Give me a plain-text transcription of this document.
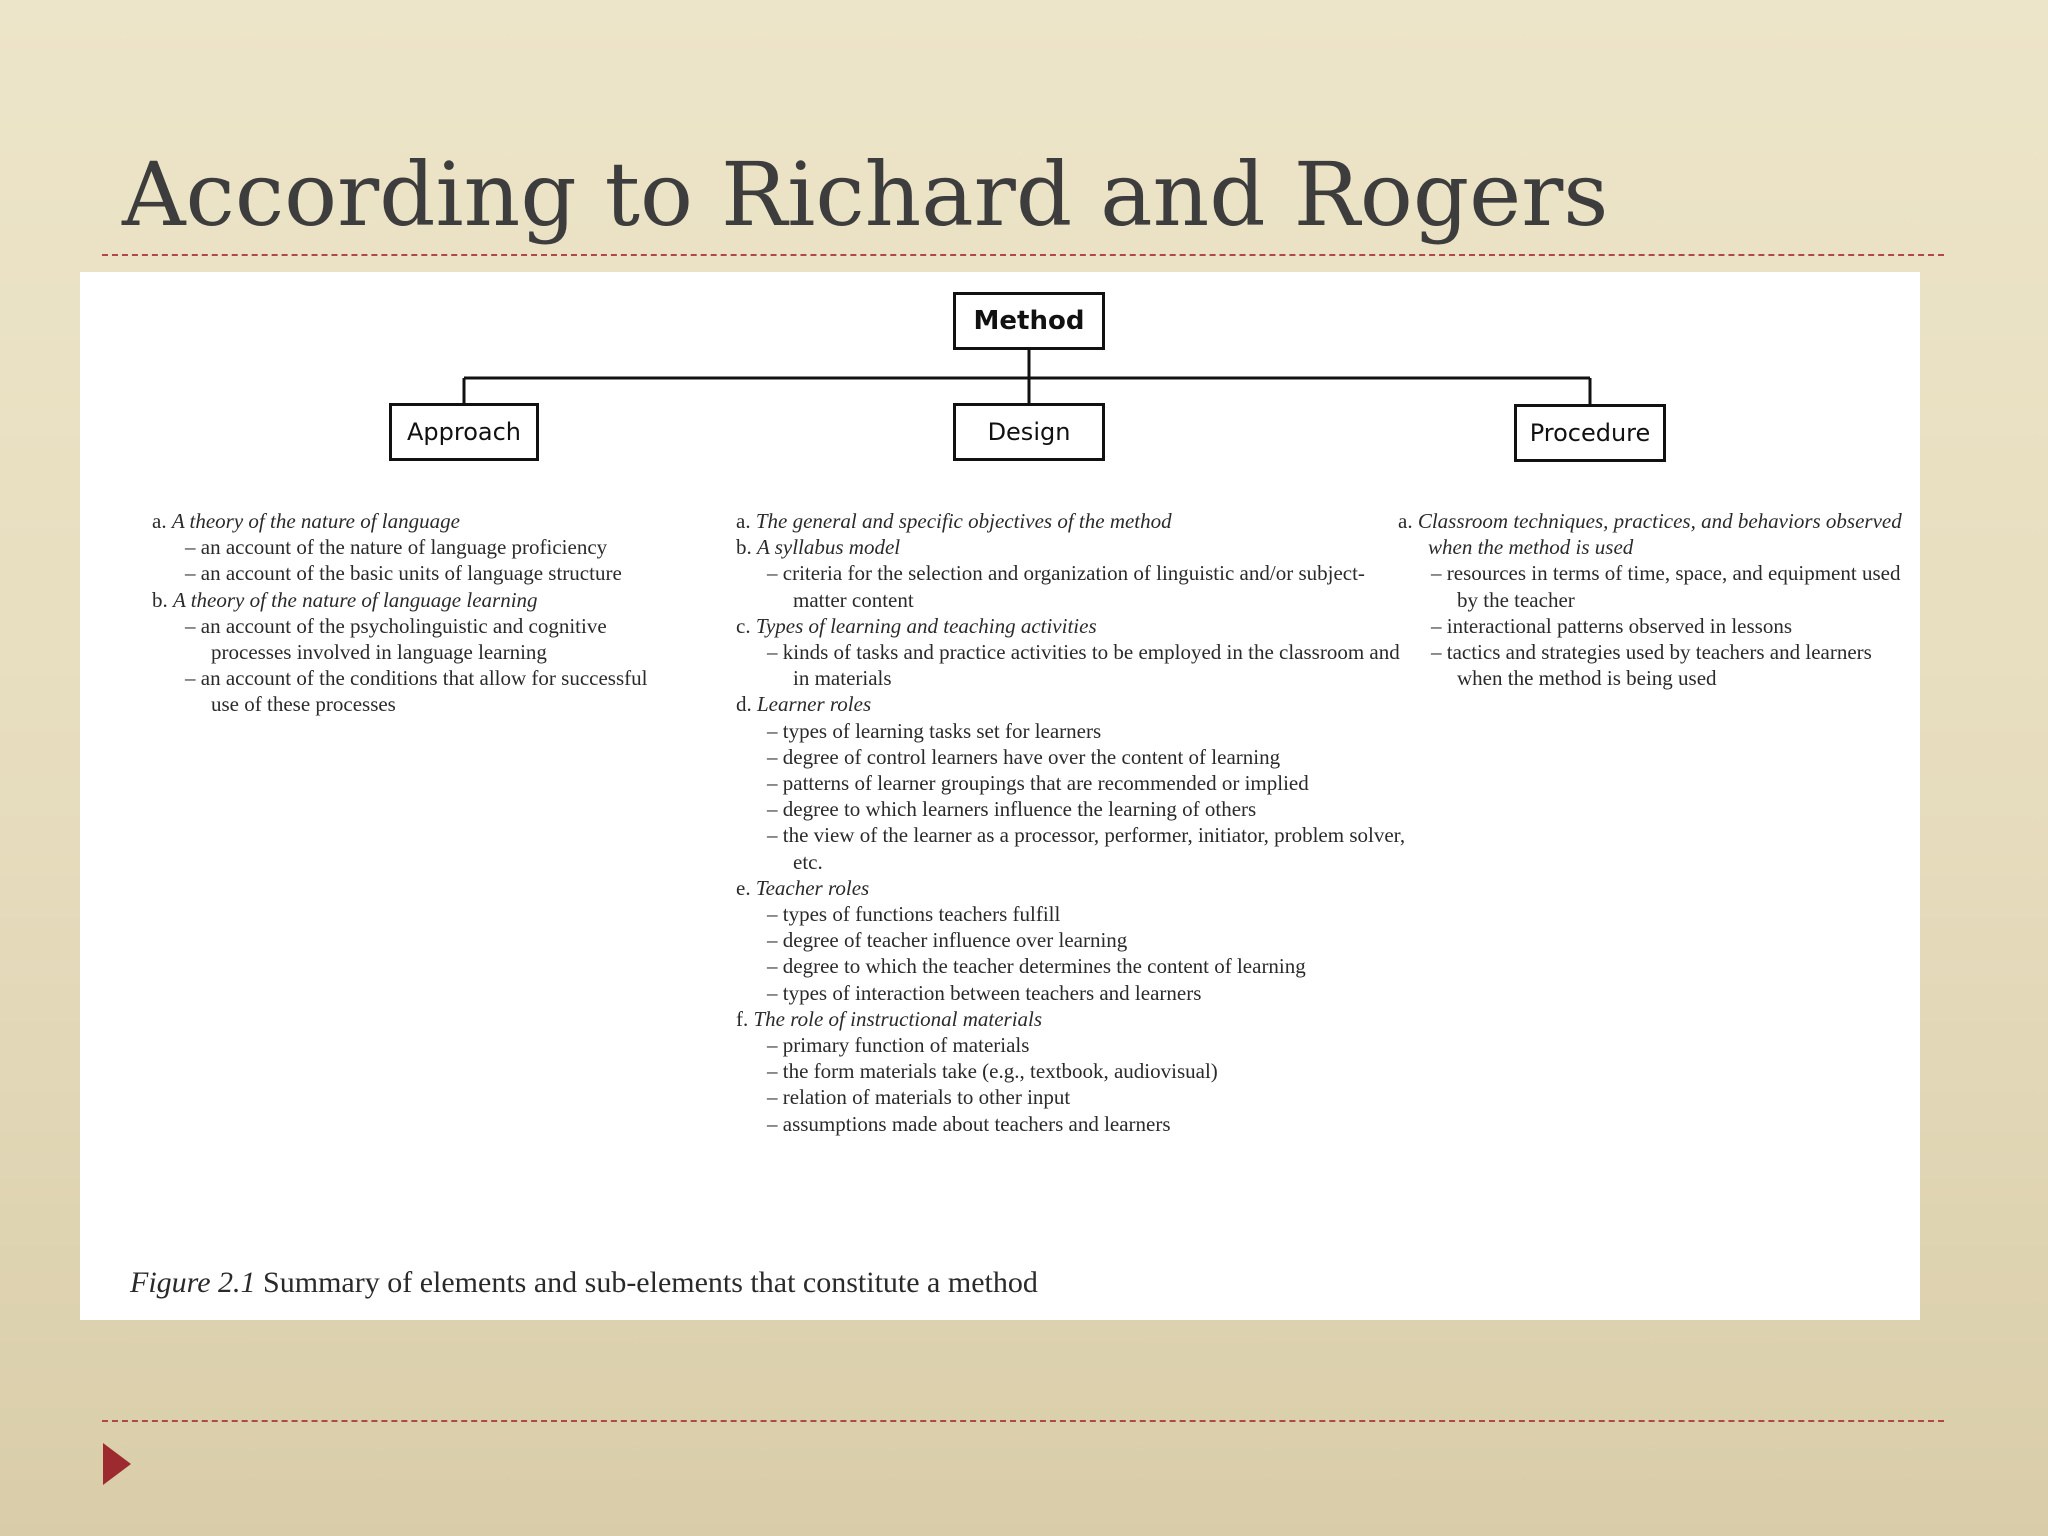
According to Richard and Rogers
Method
Approach	Design	Procedure

a. A theory of the nature of language

– an account of the nature of language proficiency

– an account of the basic units of language structure

b. A theory of the nature of language learning

– an account of the psycholinguistic and cognitive processes involved in language learning

– an account of the conditions that allow for successful use of these processes

a. The general and specific objectives of the method

b. A syllabus model

– criteria for the selection and organization of linguistic and/or subject-matter content

c. Types of learning and teaching activities

– kinds of tasks and practice activities to be employed in the classroom and in materials

d. Learner roles

– types of learning tasks set for learners

– degree of control learners have over the content of learning

– patterns of learner groupings that are recommended or implied

– degree to which learners influence the learning of others

– the view of the learner as a processor, performer, initiator, problem solver, etc.

e. Teacher roles

– types of functions teachers fulfill

– degree of teacher influence over learning

– degree to which the teacher determines the content of learning

– types of interaction between teachers and learners

f. The role of instructional materials

– primary function of materials

– the form materials take (e.g., textbook, audiovisual)

– relation of materials to other input

– assumptions made about teachers and learners

a. Classroom techniques, practices, and behaviors observed when the method is used

– resources in terms of time, space, and equipment used by the teacher

– interactional patterns observed in lessons

– tactics and strategies used by teachers and learners when the method is being used

Figure 2.1 Summary of elements and sub-elements that constitute a method
